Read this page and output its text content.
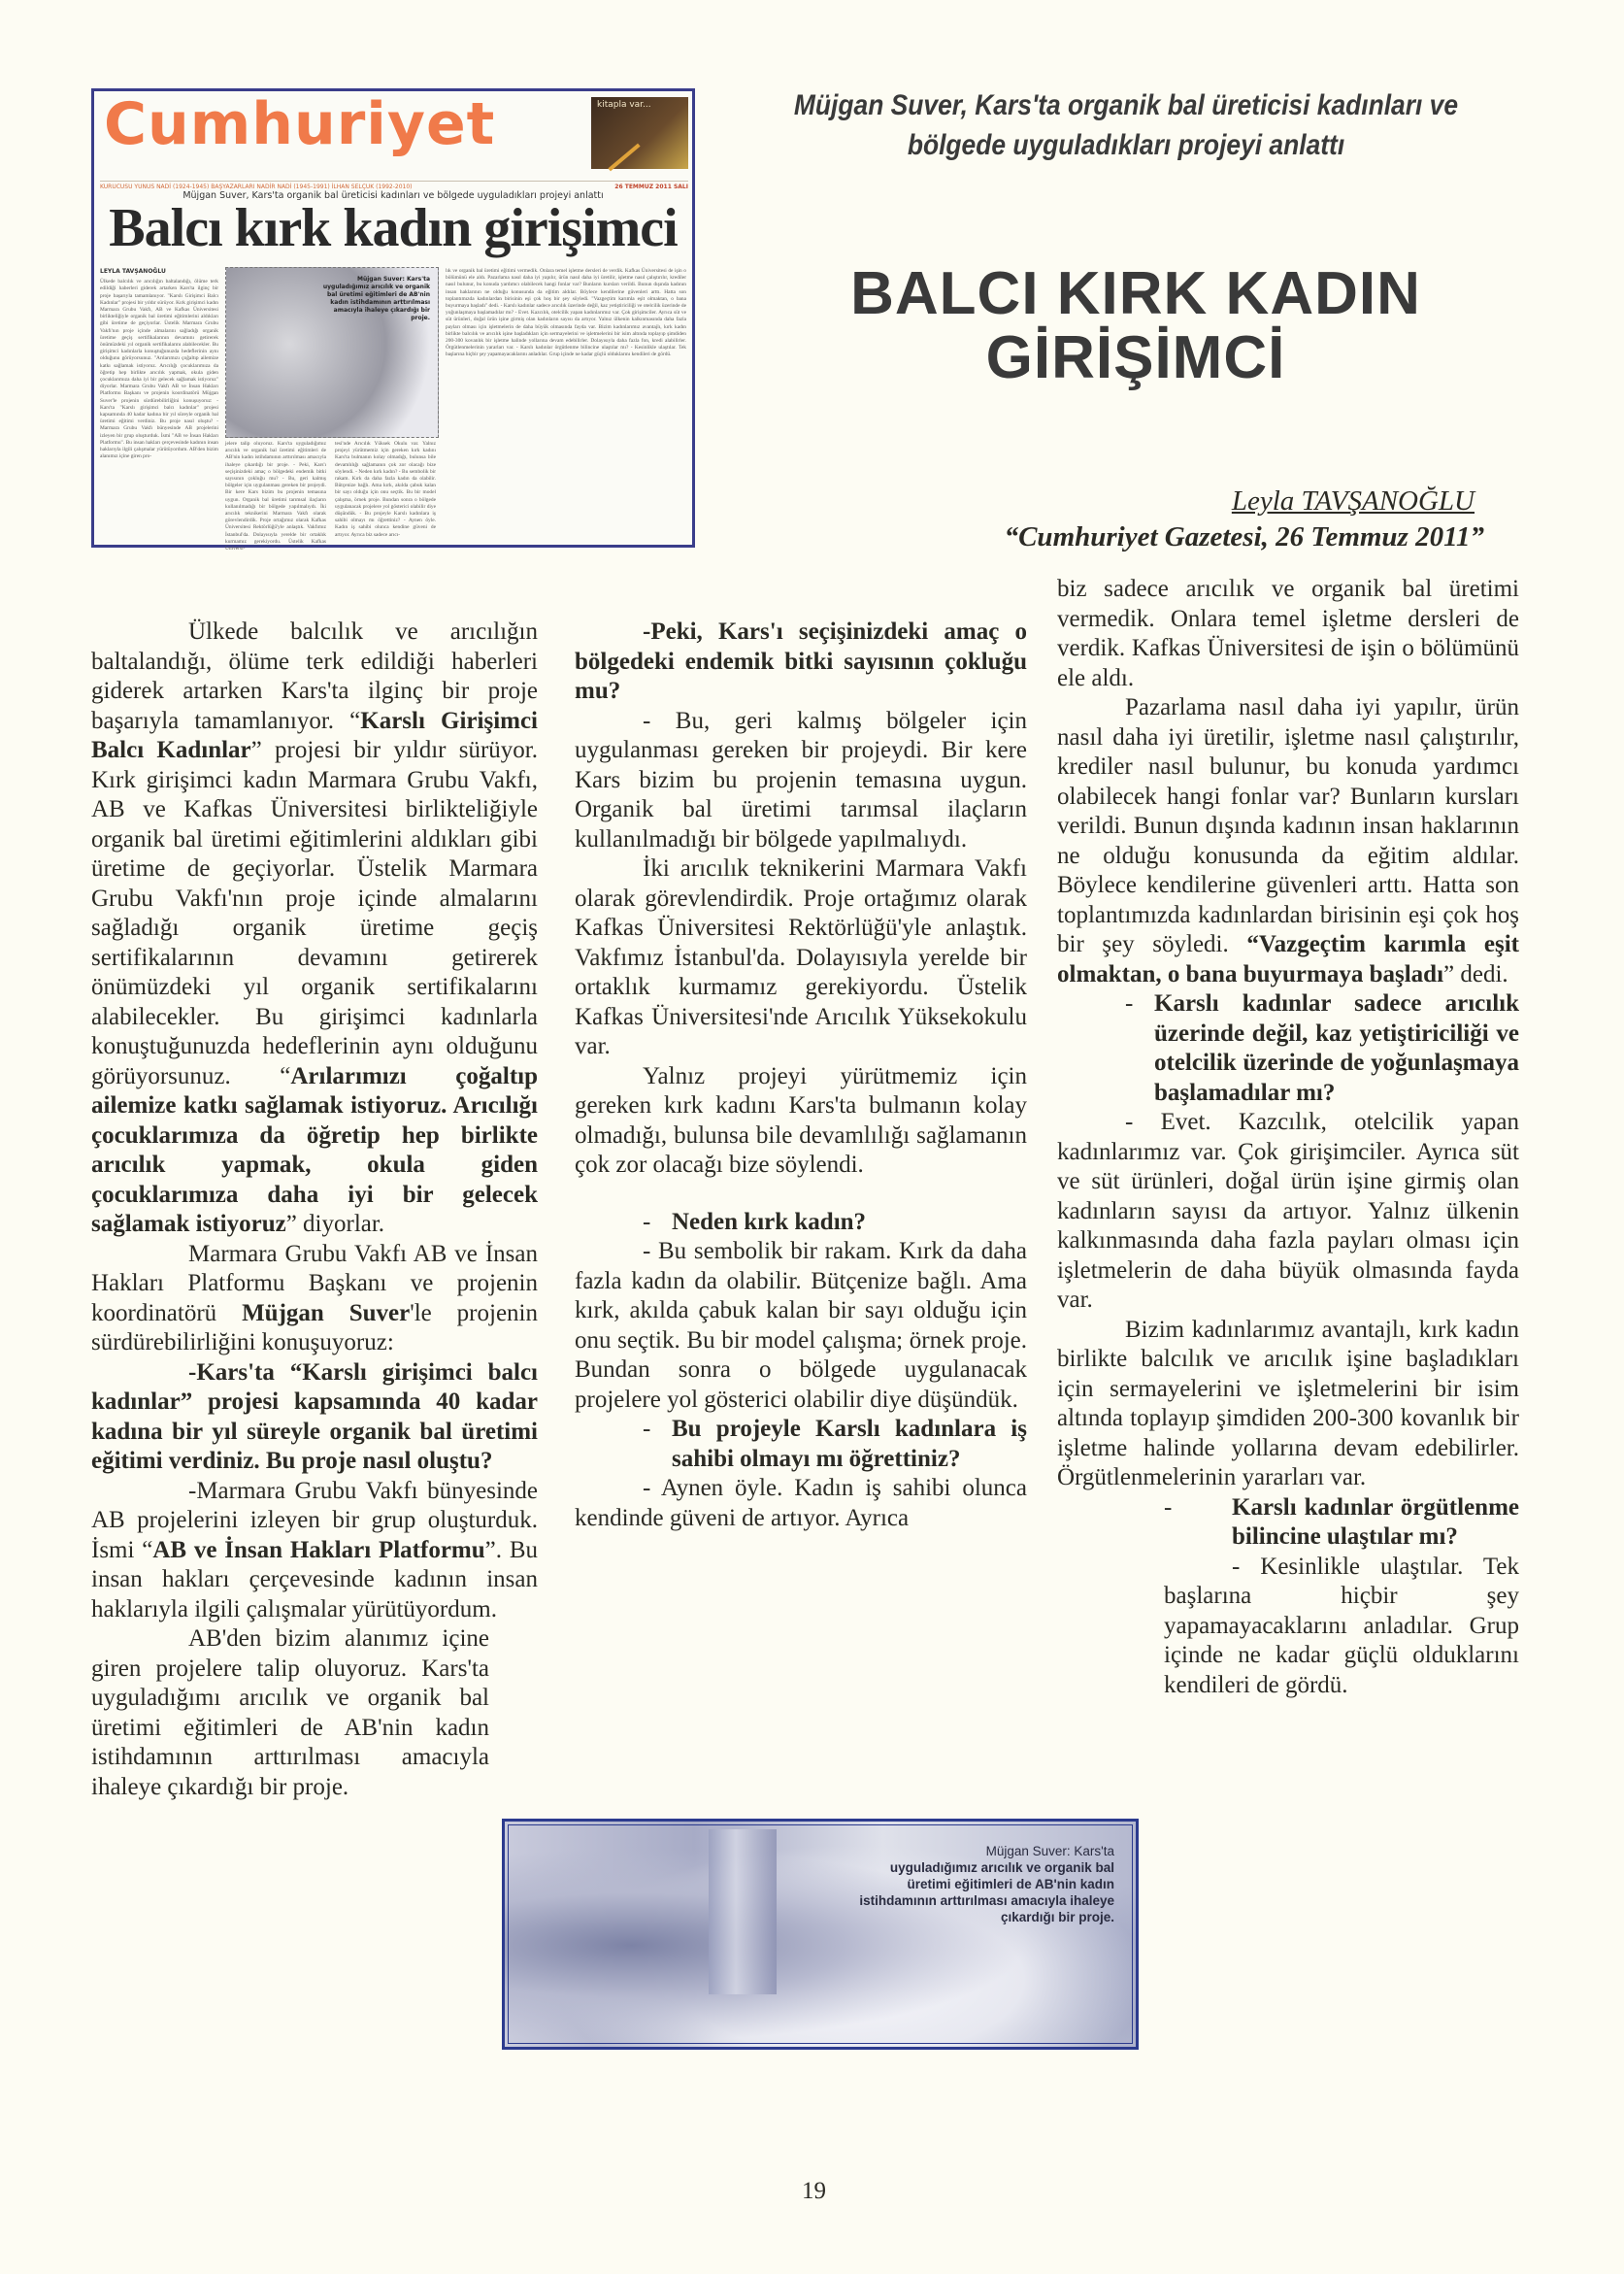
Cumhuriyet	kitapla var...
KURUCUSU YUNUS NADİ (1924-1945) BAŞYAZARLARI NADİR NADİ (1945-1991) İLHAN SELÇUK (1992-2010)	26 TEMMUZ 2011 SALI
Müjgan Suver, Kars'ta organik bal üreticisi kadınları ve bölgede uyguladıkları projeyi anlattı
Balcı kırk kadın girişimci
LEYLA TAVŞANOĞLU
Ülkede balcılık ve arıcılığın baltalandığı, ölüme terk edildiği haberleri giderek artarken Kars'ta ilginç bir proje başarıyla tamamlanıyor. "Karslı Girişimci Balcı Kadınlar" projesi bir yıldır sürüyor. Kırk girişimci kadın Marmara Grubu Vakfı, AB ve Kafkas Üniversitesi birlikteliğiyle organik bal üretimi eğitimlerini aldıkları gibi üretime de geçiyorlar. Üstelik Marmara Grubu Vakfı'nın proje içinde almalarını sağladığı organik üretime geçiş sertifikalarının devamını getirerek önümüzdeki yıl organik sertifikalarını alabilecekler. Bu girişimci kadınlarla konuştuğunuzda hedeflerinin aynı olduğunu görüyorsunuz. "Arılarımızı çoğaltıp ailemize katkı sağlamak istiyoruz. Arıcılığı çocuklarımıza da öğretip hep birlikte arıcılık yapmak, okula giden çocuklarımıza daha iyi bir gelecek sağlamak istiyoruz" diyorlar. Marmara Grubu Vakfı AB ve İnsan Hakları Platformu Başkanı ve projenin koordinatörü Müjgan Suver'le projenin sürdürebilirliğini konuşuyoruz: - Kars'ta "Karslı girişimci balcı kadınlar" projesi kapsamında 40 kadar kadına bir yıl süreyle organik bal üretimi eğitimi verdiniz. Bu proje nasıl oluştu? - Marmara Grubu Vakfı bünyesinde AB projelerini izleyen bir grup oluşturduk. İsmi "AB ve İnsan Hakları Platformu". Bu insan hakları çerçevesinde kadının insan haklarıyla ilgili çalışmalar yürütüyordum. AB'den bizim alanımız içine giren pro-
Müjgan Suver: Kars'ta uyguladığımız arıcılık ve organik bal üretimi eğitimleri de AB'nin kadın istihdamının arttırılması amacıyla ihaleye çıkardığı bir proje.
jelere talip oluyoruz. Kars'ta uyguladığımız arıcılık ve organik bal üretimi eğitimleri de AB'nin kadın istihdamının arttırılması amacıyla ihaleye çıkardığı bir proje. - Peki, Kars'ı seçişinizdeki amaç o bölgedeki endemik bitki sayısının çokluğu mu? - Bu, geri kalmış bölgeler için uygulanması gereken bir projeydi. Bir kere Kars bizim bu projenin temasına uygun. Organik bal üretimi tarımsal ilaçların kullanılmadığı bir bölgede yapılmalıydı. İki arıcılık teknikerini Marmara Vakfı olarak görevlendirdik. Proje ortağımız olarak Kafkas Üniversitesi Rektörlüğü'yle anlaştık. Vakfımız İstanbul'da. Dolayısıyla yerelde bir ortaklık kurmamız gerekiyordu. Üstelik Kafkas Üniversi-
tesi'nde Arıcılık Yüksek Okulu var. Yalnız projeyi yürütmemiz için gereken kırk kadını Kars'ta bulmanın kolay olmadığı, bulunsa bile devamlılığı sağlamanın çok zor olacağı bize söylendi. - Neden kırk kadın? - Bu sembolik bir rakam. Kırk da daha fazla kadın da olabilir. Bütçenize bağlı. Ama kırk, akılda çabuk kalan bir sayı olduğu için onu seçtik. Bu bir model çalışma, örnek proje. Bundan sonra o bölgede uygulanacak projelere yol gösterici olabilir diye düşündük. - Bu projeyle Karslı kadınlara iş sahibi olmayı mı öğrettiniz? - Aynen öyle. Kadın iş sahibi olunca kendine güveni de artıyor. Ayrıca biz sadece arıcı-
lık ve organik bal üretimi eğitimi vermedik. Onlara temel işletme dersleri de verdik. Kafkas Üniversitesi de işin o bölümünü ele aldı. Pazarlama nasıl daha iyi yapılır, ürün nasıl daha iyi üretilir, işletme nasıl çalıştırılır, krediler nasıl bulunur, bu konuda yardımcı olabilecek hangi fonlar var? Bunların kursları verildi. Bunun dışında kadının insan haklarının ne olduğu konusunda da eğitim aldılar. Böylece kendilerine güvenleri arttı. Hatta son toplantımızda kadınlardan birisinin eşi çok hoş bir şey söyledi. "Vazgeçtim karımla eşit olmaktan, o bana buyurmaya başladı" dedi. - Karslı kadınlar sadece arıcılık üzerinde değil, kaz yetiştiriciliği ve otelcilik üzerinde de yoğunlaşmaya başlamadılar mı? - Evet. Kazcılık, otelcilik yapan kadınlarımız var. Çok girişimciler. Ayrıca süt ve süt ürünleri, doğal ürün işine girmiş olan kadınların sayısı da artıyor. Yalnız ülkenin kalkınmasında daha fazla payları olması için işletmelerin de daha büyük olmasında fayda var. Bizim kadınlarımız avantajlı, kırk kadın birlikte balcılık ve arıcılık işine başladıkları için sermayelerini ve işletmelerini bir isim altında toplayıp şimdiden 200-300 kovanlık bir işletme halinde yollarına devam edebilirler. Dolayısıyla daha fazla fon, kredi alabilirler. Örgütlenmelerinin yararları var. - Karslı kadınlar örgütlenme bilincine ulaştılar mı? - Kesinlikle ulaştılar. Tek başlarına hiçbir şey yapamayacaklarını anladılar. Grup içinde ne kadar güçlü olduklarını kendileri de gördü.
Müjgan Suver, Kars'ta organik bal üreticisi kadınları ve
bölgede uyguladıkları projeyi anlattı
BALCI KIRK KADIN
GİRİŞİMCİ
Leyla TAVŞANOĞLU
“Cumhuriyet Gazetesi, 26 Temmuz 2011”

Ülkede balcılık ve arıcılığın baltalandığı, ölüme terk edildiği haberleri giderek artarken Kars'ta ilginç bir proje başarıyla tamamlanıyor. “Karslı Girişimci Balcı Kadınlar” projesi bir yıldır sürüyor. Kırk girişimci kadın Marmara Grubu Vakfı, AB ve Kafkas Üniversitesi birlikteliğiyle organik bal üretimi eğitimlerini aldıkları gibi üretime de geçiyorlar. Üstelik Marmara Grubu Vakfı'nın proje içinde almalarını sağladığı organik üretime geçiş sertifikalarının devamını getirerek önümüzdeki yıl organik sertifikalarını alabilecekler. Bu girişimci kadınlarla konuştuğunuzda hedeflerinin aynı olduğunu görüyorsunuz. “Arılarımızı çoğaltıp ailemize katkı sağlamak istiyoruz. Arıcılığı çocuklarımıza da öğretip hep birlikte arıcılık yapmak, okula giden çocuklarımıza daha iyi bir gelecek sağlamak istiyoruz” diyorlar.

Marmara Grubu Vakfı AB ve İnsan Hakları Platformu Başkanı ve projenin koordinatörü Müjgan Suver'le projenin sürdürebilirliğini konuşuyoruz:

-Kars'ta “Karslı girişimci balcı kadınlar” projesi kapsamında 40 kadar kadına bir yıl süreyle organik bal üretimi eğitimi verdiniz. Bu proje nasıl oluştu?

-Marmara Grubu Vakfı bünyesinde AB projelerini izleyen bir grup oluşturduk. İsmi “AB ve İnsan Hakları Platformu”. Bu insan hakları çerçevesinde kadının insan haklarıyla ilgili çalışmalar yürütüyordum.

AB'den bizim alanımız içine giren projelere talip oluyoruz. Kars'ta uyguladığımı arıcılık ve organik bal üretimi eğitimleri de AB'nin kadın istihdamının arttırılması amacıyla ihaleye çıkardığı bir proje.

-Peki, Kars'ı seçişinizdeki amaç o bölgedeki endemik bitki sayısının çokluğu mu?

- Bu, geri kalmış bölgeler için uygulanması gereken bir projeydi. Bir kere Kars bizim bu projenin temasına uygun. Organik bal üretimi tarımsal ilaçların kullanılmadığı bir bölgede yapılmalıydı.

İki arıcılık teknikerini Marmara Vakfı olarak görevlendirdik. Proje ortağımız olarak Kafkas Üniversitesi Rektörlüğü'yle anlaştık. Vakfımız İstanbul'da. Dolayısıyla yerelde bir ortaklık kurmamız gerekiyordu. Üstelik Kafkas Üniversitesi'nde Arıcılık Yüksekokulu var.

Yalnız projeyi yürütmemiz için gereken kırk kadını Kars'ta bulmanın kolay olmadığı, bulunsa bile devamlılığı sağlamanın çok zor olacağı bize söylendi.

- Neden kırk kadın?

- Bu sembolik bir rakam. Kırk da daha fazla kadın da olabilir. Bütçenize bağlı. Ama kırk, akılda çabuk kalan bir sayı olduğu için onu seçtik. Bu bir model çalışma; örnek proje. Bundan sonra o bölgede uygulanacak projelere yol gösterici olabilir diye düşündük.

- Bu projeyle Karslı kadınlara iş sahibi olmayı mı öğrettiniz?

- Aynen öyle. Kadın iş sahibi olunca kendinde güveni de artıyor. Ayrıca

biz sadece arıcılık ve organik bal üretimi vermedik. Onlara temel işletme dersleri de verdik. Kafkas Üniversitesi de işin o bölümünü ele aldı.

Pazarlama nasıl daha iyi yapılır, ürün nasıl daha iyi üretilir, işletme nasıl çalıştırılır, krediler nasıl bulunur, bu konuda yardımcı olabilecek hangi fonlar var? Bunların kursları verildi. Bunun dışında kadının insan haklarının ne olduğu konusunda da eğitim aldılar. Böylece kendilerine güvenleri arttı. Hatta son toplantımızda kadınlardan birisinin eşi çok hoş bir şey söyledi. “Vazgeçtim karımla eşit olmaktan, o bana buyurmaya başladı” dedi.

- Karslı kadınlar sadece arıcılık üzerinde değil, kaz yetiştiriciliği ve otelcilik üzerinde de yoğunlaşmaya başlamadılar mı?

- Evet. Kazcılık, otelcilik yapan kadınlarımız var. Çok girişimciler. Ayrıca süt ve süt ürünleri, doğal ürün işine girmiş olan kadınların sayısı da artıyor. Yalnız ülkenin kalkınmasında daha fazla payları olması için işletmelerin de daha büyük olmasında fayda var.

Bizim kadınlarımız avantajlı, kırk kadın birlikte balcılık ve arıcılık işine başladıkları için sermayelerini ve işletmelerini bir isim altında toplayıp şimdiden 200-300 kovanlık bir işletme halinde yollarına devam edebilirler. Örgütlenmelerinin yararları var.

-	Karslı kadınlar örgütlenme bilincine ulaştılar mı?

- Kesinlikle ulaştılar. Tek başlarına hiçbir şey yapamayacaklarını anladılar. Grup içinde ne kadar güçlü olduklarını kendileri de gördü.

Müjgan Suver: Kars'ta
uyguladığımız arıcılık ve organik bal üretimi eğitimleri de AB'nin kadın istihdamının arttırılması amacıyla ihaleye çıkardığı bir proje.
19
